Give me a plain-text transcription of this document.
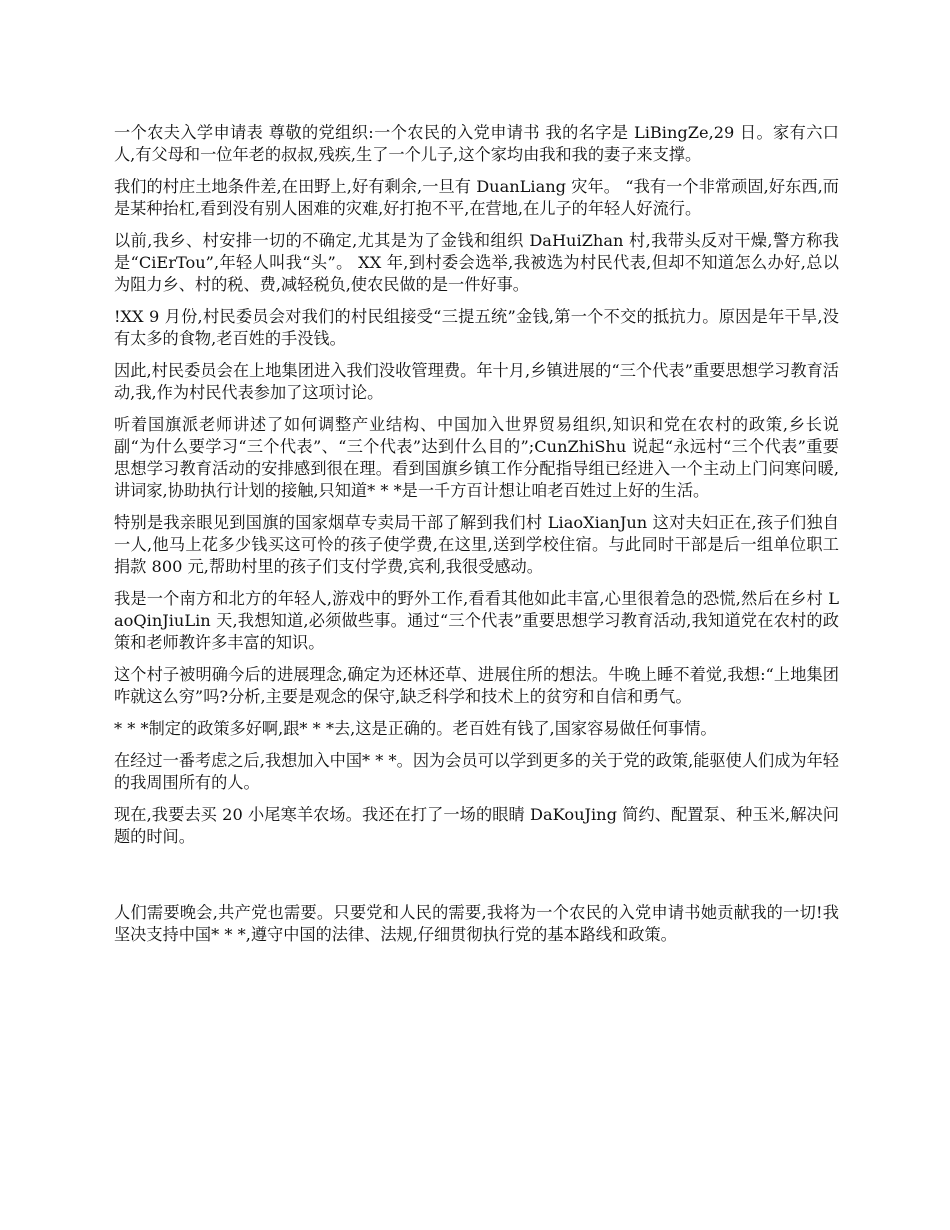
一个农夫入学申请表 尊敬的党组织:一个农民的入党申请书 我的名字是 LiBingZe,29 日。家有六口人,有父母和一位年老的叔叔,残疾,生了一个儿子,这个家均由我和我的妻子来支撑。

我们的村庄土地条件差,在田野上,好有剩余,一旦有 DuanLiang 灾年。 “我有一个非常顽固,好东西,而是某种抬杠,看到没有别人困难的灾难,好打抱不平,在营地,在儿子的年轻人好流行。

以前,我乡、村安排一切的不确定,尤其是为了金钱和组织 DaHuiZhan 村,我带头反对干燥,警方称我是“CiErTou”,年轻人叫我“头”。 XX 年,到村委会选举,我被选为村民代表,但却不知道怎么办好,总以为阻力乡、村的税、费,减轻税负,使农民做的是一件好事。

!XX 9 月份,村民委员会对我们的村民组接受“三提五统”金钱,第一个不交的抵抗力。原因是年干旱,没有太多的食物,老百姓的手没钱。

因此,村民委员会在上地集团进入我们没收管理费。年十月,乡镇进展的“三个代表”重要思想学习教育活动,我,作为村民代表参加了这项讨论。

听着国旗派老师讲述了如何调整产业结构、中国加入世界贸易组织,知识和党在农村的政策,乡长说副“为什么要学习“三个代表”、“三个代表”达到什么目的”;CunZhiShu 说起“永远村“三个代表”重要思想学习教育活动的安排感到很在理。看到国旗乡镇工作分配指导组已经进入一个主动上门问寒问暖,讲词家,协助执行计划的接触,只知道* * *是一千方百计想让咱老百姓过上好的生活。

特别是我亲眼见到国旗的国家烟草专卖局干部了解到我们村 LiaoXianJun 这对夫妇正在,孩子们独自一人,他马上花多少钱买这可怜的孩子使学费,在这里,送到学校住宿。与此同时干部是后一组单位职工捐款 800 元,帮助村里的孩子们支付学费,宾利,我很受感动。

我是一个南方和北方的年轻人,游戏中的野外工作,看看其他如此丰富,心里很着急的恐慌,然后在乡村 LaoQinJiuLin 天,我想知道,必须做些事。通过“三个代表”重要思想学习教育活动,我知道党在农村的政策和老师教许多丰富的知识。

这个村子被明确今后的进展理念,确定为还林还草、进展住所的想法。牛晚上睡不着觉,我想:“上地集团咋就这么穷”吗?分析,主要是观念的保守,缺乏科学和技术上的贫穷和自信和勇气。

* * *制定的政策多好啊,跟* * *去,这是正确的。老百姓有钱了,国家容易做任何事情。

在经过一番考虑之后,我想加入中国* * *。因为会员可以学到更多的关于党的政策,能驱使人们成为年轻的我周围所有的人。

现在,我要去买 20 小尾寒羊农场。我还在打了一场的眼睛 DaKouJing 简约、配置泵、种玉米,解决问题的时间。

人们需要晚会,共产党也需要。只要党和人民的需要,我将为一个农民的入党申请书她贡献我的一切!我坚决支持中国* * *,遵守中国的法律、法规,仔细贯彻执行党的基本路线和政策。
